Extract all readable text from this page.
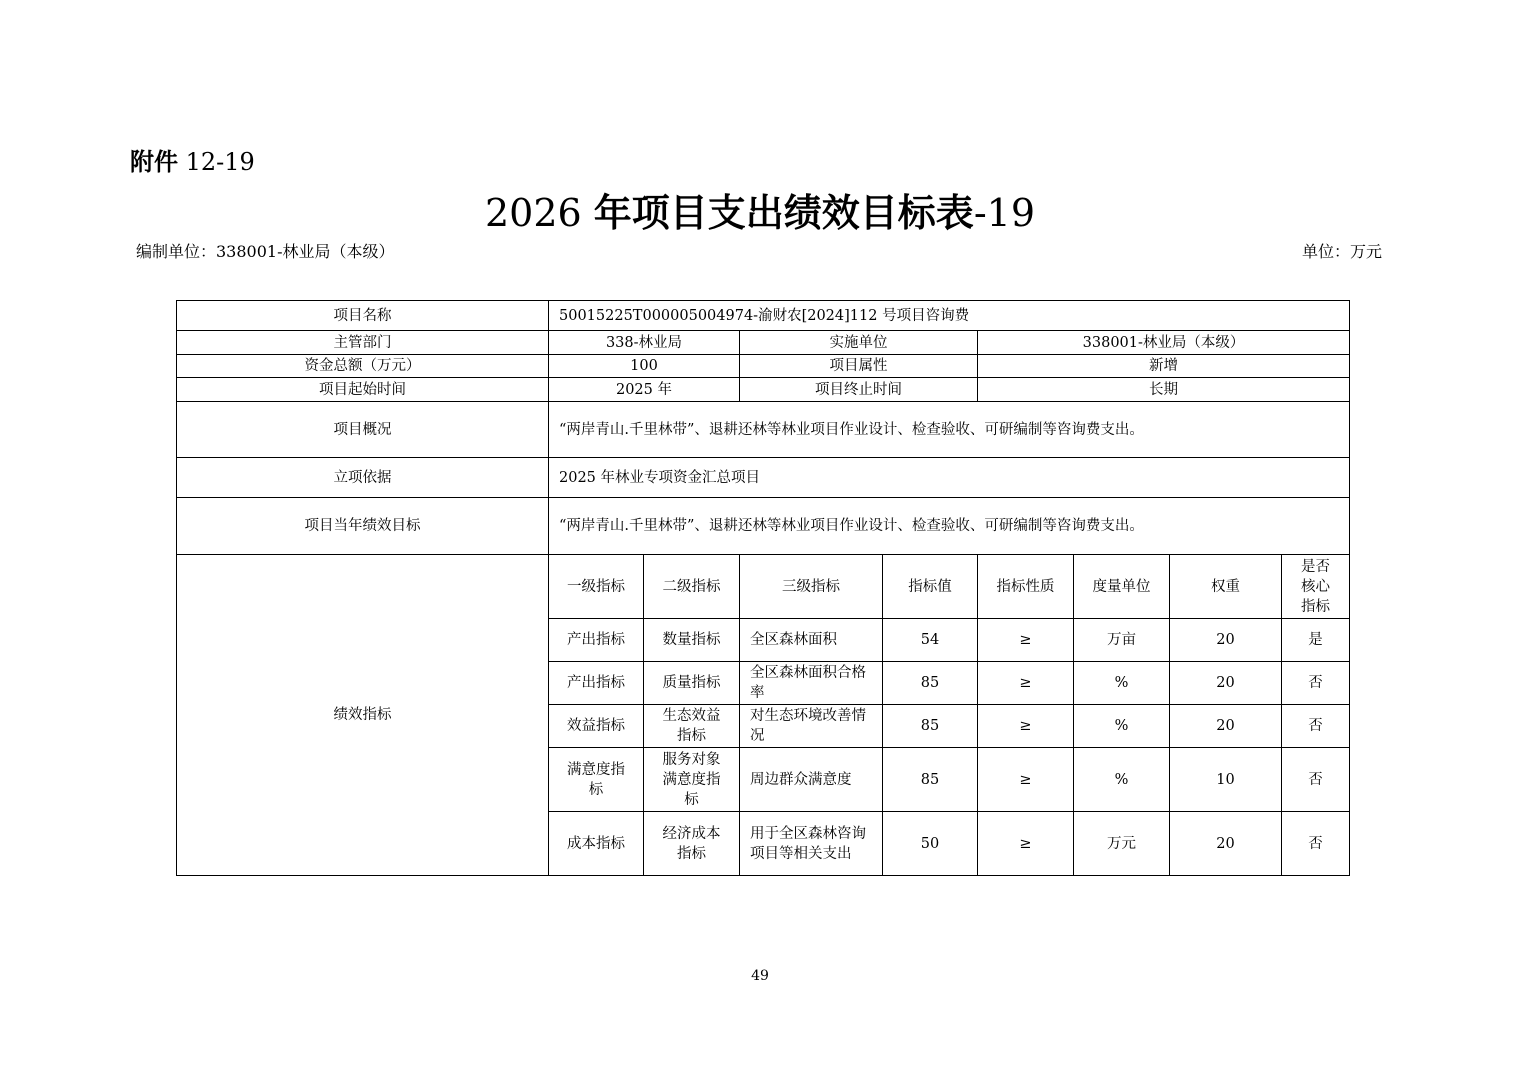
附件 12-19
2026 年项目支出绩效目标表-19
编制单位：338001-林业局（本级）	单位：万元
项目名称	50015225T000005004974-渝财农[2024]112 号项目咨询费							
主管部门	338-林业局		实施单位		338001-林业局（本级）			
资金总额（万元）	100		项目属性		新增			
项目起始时间	2025 年		项目终止时间		长期			
项目概况	“两岸青山.千里林带”、退耕还林等林业项目作业设计、检查验收、可研编制等咨询费支出。							
立项依据	2025 年林业专项资金汇总项目							
项目当年绩效目标	“两岸青山.千里林带”、退耕还林等林业项目作业设计、检查验收、可研编制等咨询费支出。							
绩效指标	一级指标	二级指标	三级指标	指标值	指标性质	度量单位	权重	是否核心指标
	产出指标	数量指标	全区森林面积	54	≥	万亩	20	是
	产出指标	质量指标	全区森林面积合格率	85	≥	%	20	否
	效益指标	生态效益指标	对生态环境改善情况	85	≥	%	20	否
	满意度指标	服务对象满意度指标	周边群众满意度	85	≥	%	10	否
	成本指标	经济成本指标	用于全区森林咨询项目等相关支出	50	≥	万元	20	否
49
